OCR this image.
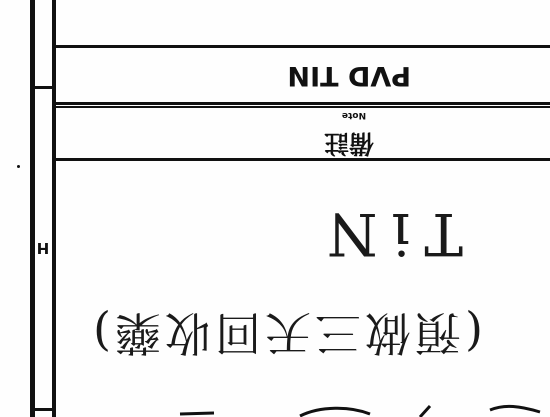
PVD TIN
Note
備註
H	TiN
(預做三天回收藥)
